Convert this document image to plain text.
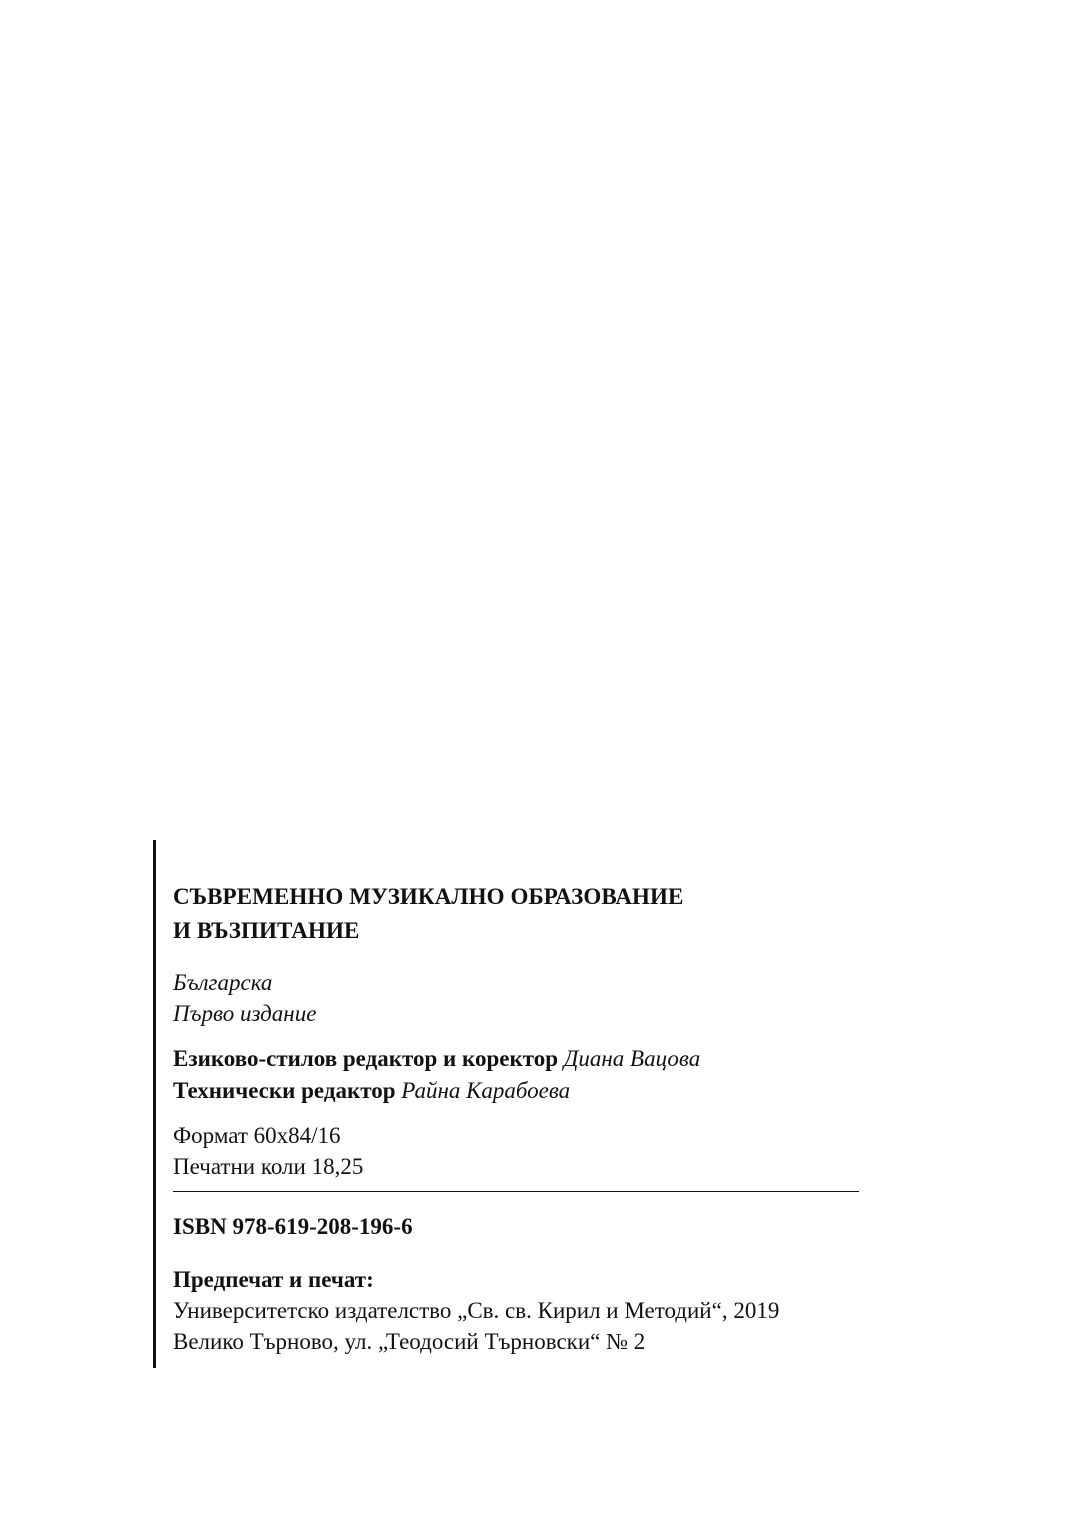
СЪВРЕМЕННО МУЗИКАЛНО ОБРАЗОВАНИЕ
И ВЪЗПИТАНИЕ
Българска
Първо издание
Езиково-стилов редактор и коректор Диана Вацова
Технически редактор Райна Карабоева
Формат 60x84/16
Печатни коли 18,25
ISBN 978-619-208-196-6
Предпечат и печат:
Университетско издателство „Св. св. Кирил и Методий“, 2019
Велико Търново, ул. „Теодосий Търновски“ № 2
